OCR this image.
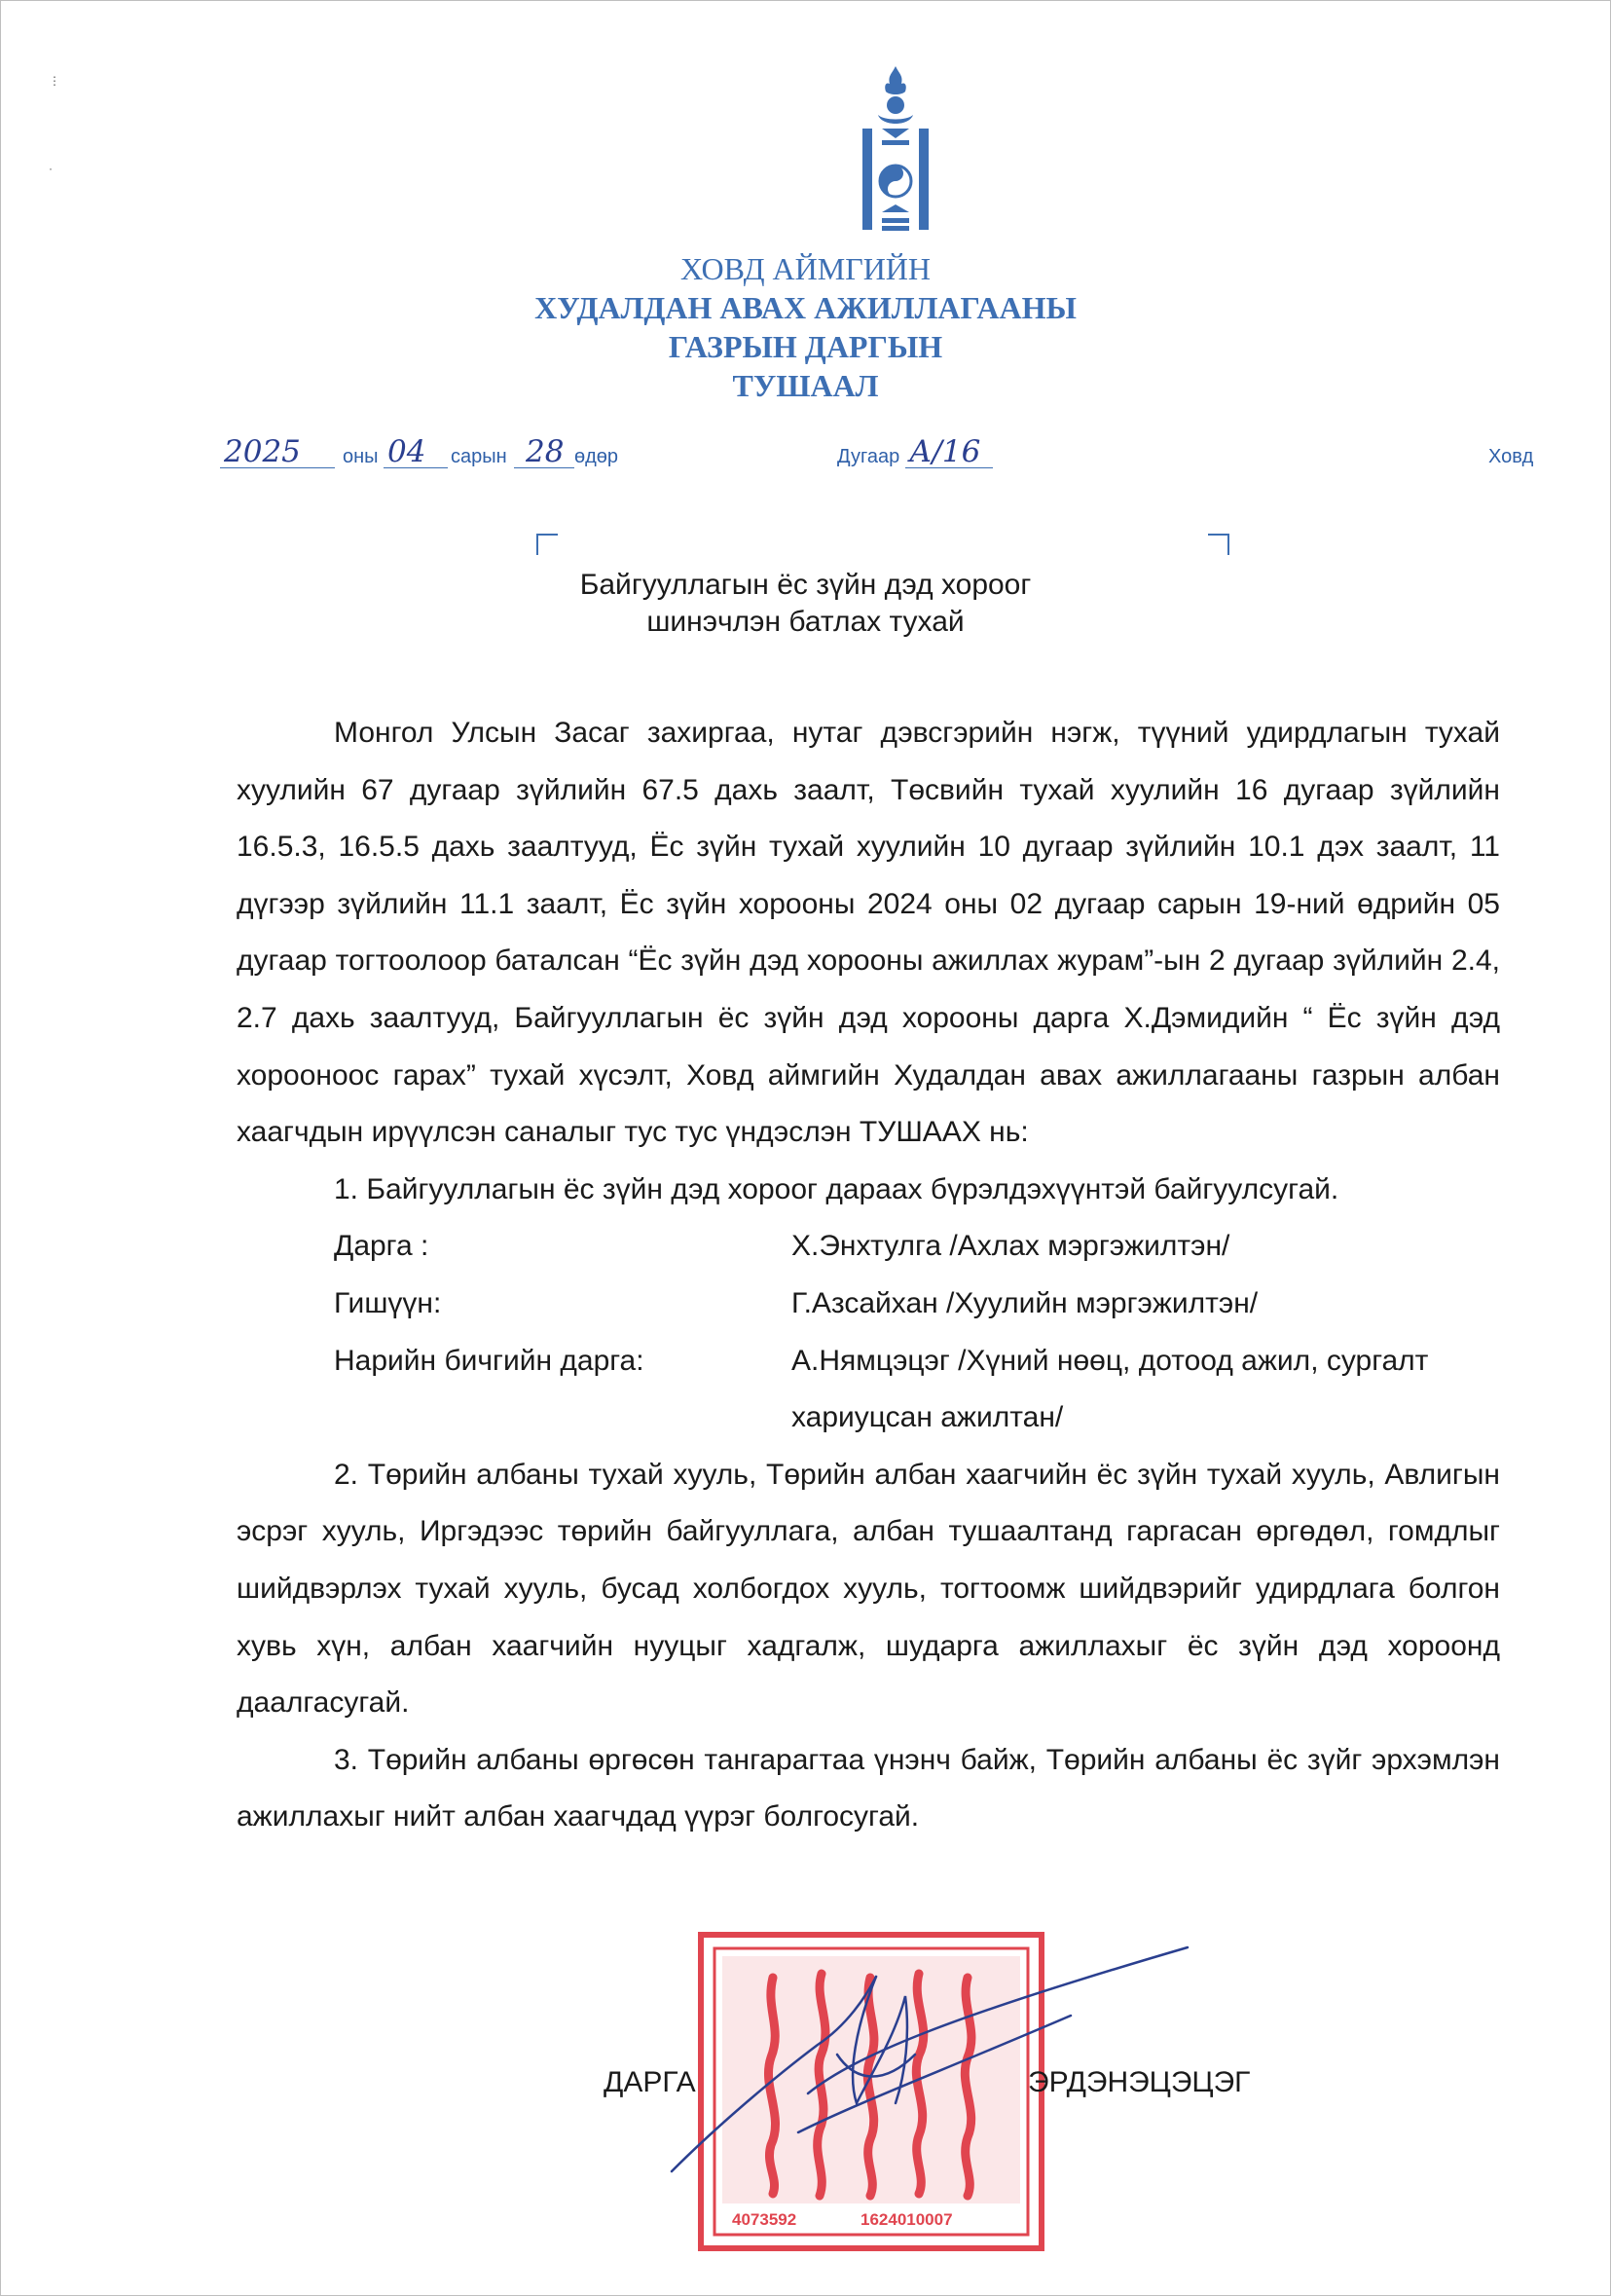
⋮
·
ХОВД АЙМГИЙН
ХУДАЛДАН АВАХ АЖИЛЛАГААНЫ
ГАЗРЫН ДАРГЫН
ТУШААЛ
2025 оны 04 сарын 28 өдөр	Дугаар А/16	Ховд
Байгууллагын ёс зүйн дэд хороог
шинэчлэн батлах тухай

Монгол Улсын Засаг захиргаа, нутаг дэвсгэрийн нэгж, түүний удирдлагын тухай хуулийн 67 дугаар зүйлийн 67.5 дахь заалт, Төсвийн тухай хуулийн 16 дугаар зүйлийн 16.5.3, 16.5.5 дахь заалтууд, Ёс зүйн тухай хуулийн 10 дугаар зүйлийн 10.1 дэх заалт, 11 дүгээр зүйлийн 11.1 заалт, Ёс зүйн хорооны 2024 оны 02 дугаар сарын 19-ний өдрийн 05 дугаар тогтоолоор баталсан “Ёс зүйн дэд хорооны ажиллах журам”-ын 2 дугаар зүйлийн 2.4, 2.7 дахь заалтууд, Байгууллагын ёс зүйн дэд хорооны дарга Х.Дэмидийн “ Ёс зүйн дэд хорооноос гарах” тухай хүсэлт, Ховд аймгийн Худалдан авах ажиллагааны газрын албан хаагчдын ирүүлсэн саналыг тус тус үндэслэн ТУШААХ нь:

1. Байгууллагын ёс зүйн дэд хороог дараах бүрэлдэхүүнтэй байгуулсугай.

Дарга :	Х.Энхтулга /Ахлах мэргэжилтэн/
Гишүүн:	Г.Азсайхан /Хуулийн мэргэжилтэн/
Нарийн бичгийн дарга:	А.Нямцэцэг /Хүний нөөц, дотоод ажил, сургалт хариуцсан ажилтан/

2. Төрийн албаны тухай хууль, Төрийн албан хаагчийн ёс зүйн тухай хууль, Авлигын эсрэг хууль, Иргэдээс төрийн байгууллага, албан тушаалтанд гаргасан өргөдөл, гомдлыг шийдвэрлэх тухай хууль, бусад холбогдох хууль, тогтоомж шийдвэрийг удирдлага болгон хувь хүн, албан хаагчийн нууцыг хадгалж, шударга ажиллахыг ёс зүйн дэд хороонд даалгасугай.

3. Төрийн албаны өргөсөн тангарагтаа үнэнч байж, Төрийн албаны ёс зүйг эрхэмлэн ажиллахыг нийт албан хаагчдад үүрэг болгосугай.

4073592	1624010007
ДАРГА	ЭРДЭНЭЦЭЦЭГ
